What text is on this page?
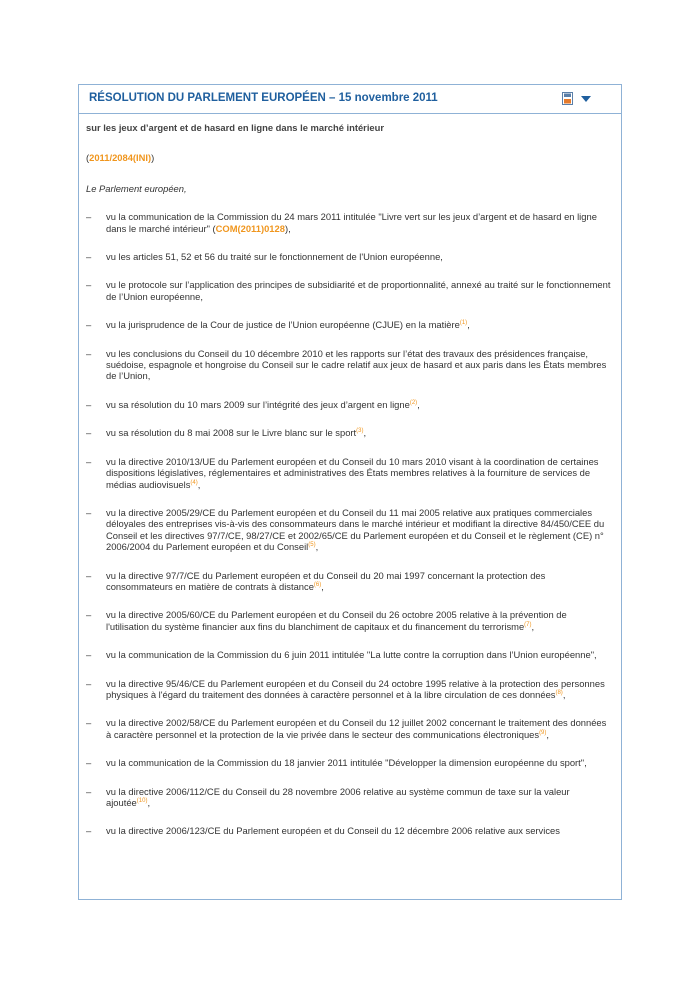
RÉSOLUTION DU PARLEMENT EUROPÉEN – 15 novembre 2011
sur les jeux d’argent et de hasard en ligne dans le marché intérieur
(2011/2084(INI))
Le Parlement européen,
– vu la communication de la Commission du 24 mars 2011 intitulée "Livre vert sur les jeux d’argent et de hasard en ligne dans le marché intérieur" (COM(2011)0128),
– vu les articles 51, 52 et 56 du traité sur le fonctionnement de l'Union européenne,
– vu le protocole sur l’application des principes de subsidiarité et de proportionnalité, annexé au traité sur le fonctionnement de l’Union européenne,
– vu la jurisprudence de la Cour de justice de l’Union européenne (CJUE) en la matière$^{(1)}$,
– vu les conclusions du Conseil du 10 décembre 2010 et les rapports sur l’état des travaux des présidences française, suédoise, espagnole et hongroise du Conseil sur le cadre relatif aux jeux de hasard et aux paris dans les États membres de l’Union,
– vu sa résolution du 10 mars 2009 sur l’intégrité des jeux d’argent en ligne$^{(2)}$,
– vu sa résolution du 8 mai 2008 sur le Livre blanc sur le sport$^{(3)}$,
– vu la directive 2010/13/UE du Parlement européen et du Conseil du 10 mars 2010 visant à la coordination de certaines dispositions législatives, réglementaires et administratives des États membres relatives à la fourniture de services de médias audiovisuels$^{(4)}$,
– vu la directive 2005/29/CE du Parlement européen et du Conseil du 11 mai 2005 relative aux pratiques commerciales déloyales des entreprises vis-à-vis des consommateurs dans le marché intérieur et modifiant la directive 84/450/CEE du Conseil et les directives 97/7/CE, 98/27/CE et 2002/65/CE du Parlement européen et du Conseil et le règlement (CE) n° 2006/2004 du Parlement européen et du Conseil$^{(5)}$,
– vu la directive 97/7/CE du Parlement européen et du Conseil du 20 mai 1997 concernant la protection des consommateurs en matière de contrats à distance$^{(6)}$,
– vu la directive 2005/60/CE du Parlement européen et du Conseil du 26 octobre 2005 relative à la prévention de l'utilisation du système financier aux fins du blanchiment de capitaux et du financement du terrorisme$^{(7)}$,
– vu la communication de la Commission du 6 juin 2011 intitulée "La lutte contre la corruption dans l’Union européenne",
– vu la directive 95/46/CE du Parlement européen et du Conseil du 24 octobre 1995 relative à la protection des personnes physiques à l'égard du traitement des données à caractère personnel et à la libre circulation de ces données$^{(8)}$,
– vu la directive 2002/58/CE du Parlement européen et du Conseil du 12 juillet 2002 concernant le traitement des données à caractère personnel et la protection de la vie privée dans le secteur des communications électroniques$^{(9)}$,
– vu la communication de la Commission du 18 janvier 2011 intitulée "Développer la dimension européenne du sport",
– vu la directive 2006/112/CE du Conseil du 28 novembre 2006 relative au système commun de taxe sur la valeur ajoutée$^{(10)}$,
– vu la directive 2006/123/CE du Parlement européen et du Conseil du 12 décembre 2006 relative aux services
